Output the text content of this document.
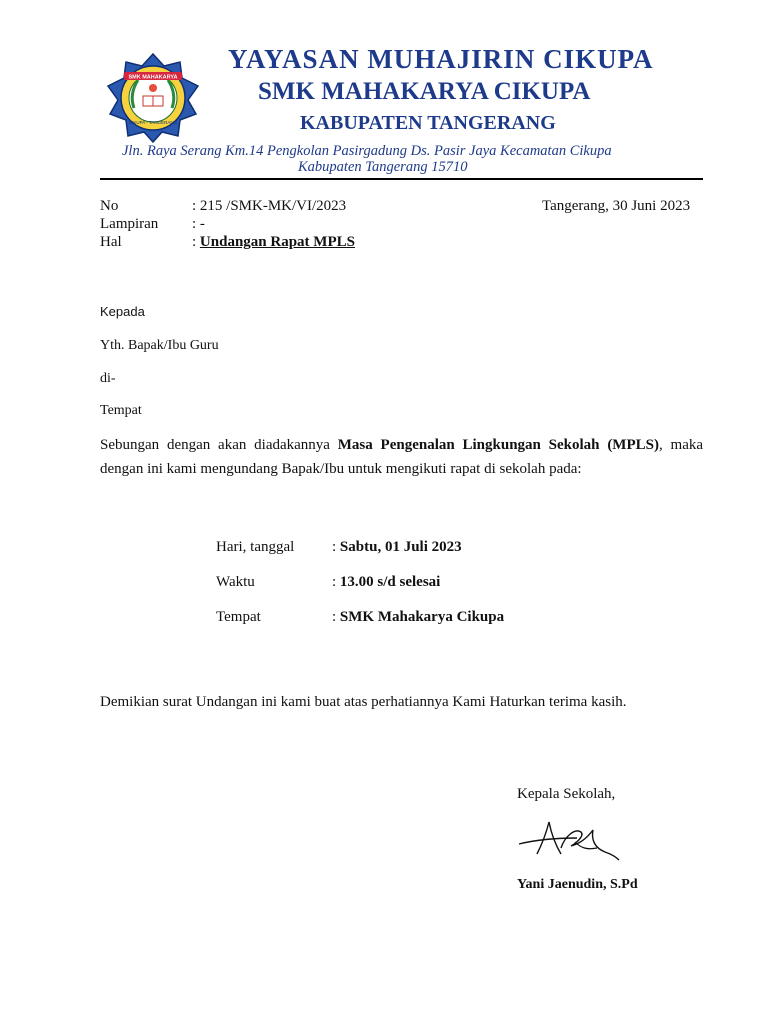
SMK MAHAKARYA
CIKUPA - TANGERANG
YAYASAN MUHAJIRIN CIKUPA
SMK MAHAKARYA CIKUPA
KABUPATEN TANGERANG
Jln. Raya Serang Km.14 Pengkolan Pasirgadung Ds. Pasir Jaya Kecamatan Cikupa
Kabupaten Tangerang 15710
No	: 215 /SMK-MK/VI/2023	Tangerang, 30 Juni 2023
Lampiran : -
Hal	: Undangan Rapat MPLS
Kepada
Yth. Bapak/Ibu Guru
di-
Tempat
Sebungan dengan akan diadakannya Masa Pengenalan Lingkungan Sekolah (MPLS), maka dengan ini kami mengundang Bapak/Ibu untuk mengikuti rapat di sekolah pada:
Hari, tanggal	: Sabtu, 01 Juli 2023
Waktu	: 13.00 s/d selesai
Tempat	: SMK Mahakarya Cikupa
Demikian surat Undangan ini kami buat atas perhatiannya Kami Haturkan terima kasih.
Kepala Sekolah,
Yani Jaenudin, S.Pd
